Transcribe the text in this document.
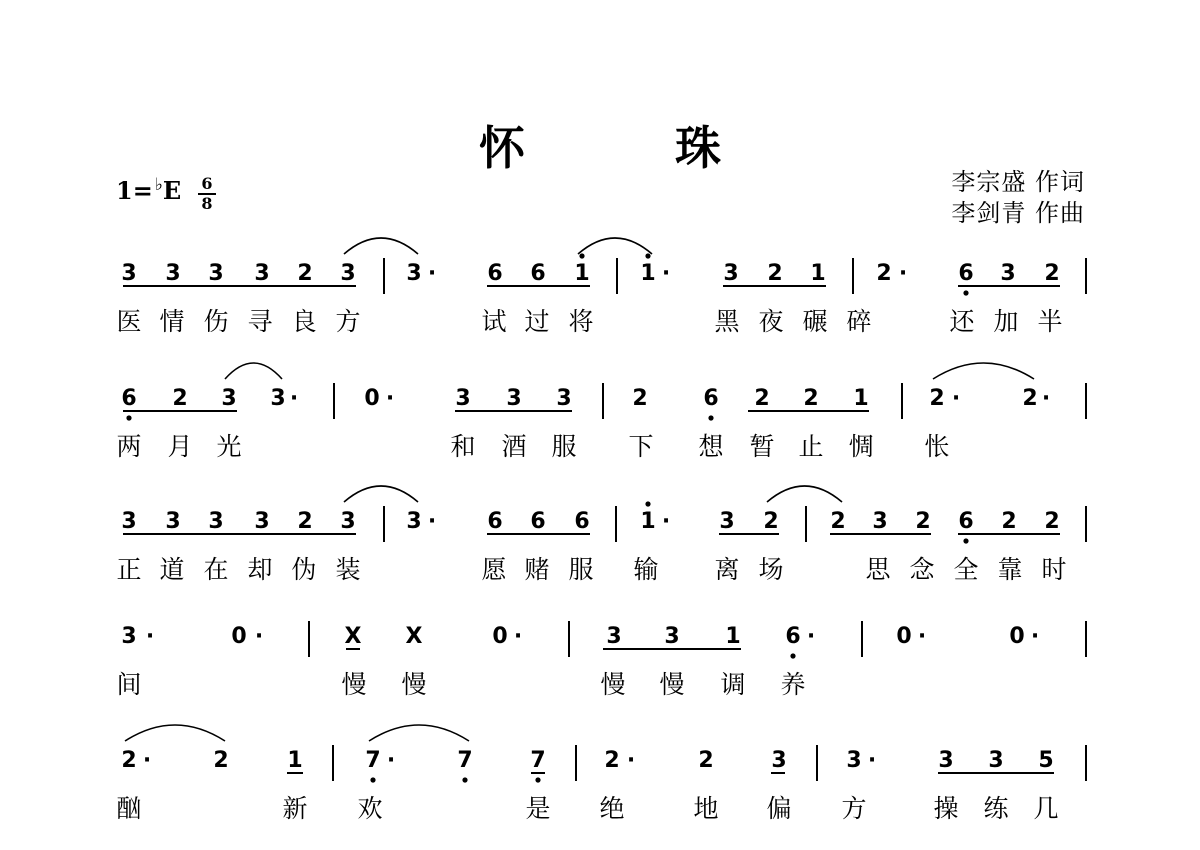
怀　珠
1= ♭E 6
8
李宗盛 作词
李剑青 作曲
3 3 3 3 2 3 3 · 6 6 1 1 · 3 2 1 2 · 6 3 2
医 情 伤 寻 良 方	试 过 将	黑 夜 碾 碎	还 加 半
6 2 3 3 ·	0 ·	3 3 3	2	6 2 2 1	2 ·	2 ·
两 月 光	和 酒 服 下 想 暂 止 惆 怅
3 3 3 3 2 3 3 · 6 6 6 1 · 3 2 2 3 2 6 2 2
正 道 在 却 伪 装	愿 赌 服 输 离 场	思 念 全 靠 时
3 ·	0 ·	X X	0 ·	3 3 1 6 ·	0 ·	0 ·
间	慢 慢	慢 慢 调 养
2 ·	2	1	7 ·	7	7	2 ·	2	3	3 ·	3 3 5
酗	新 欢	是 绝	地 偏 方	操 练 几
